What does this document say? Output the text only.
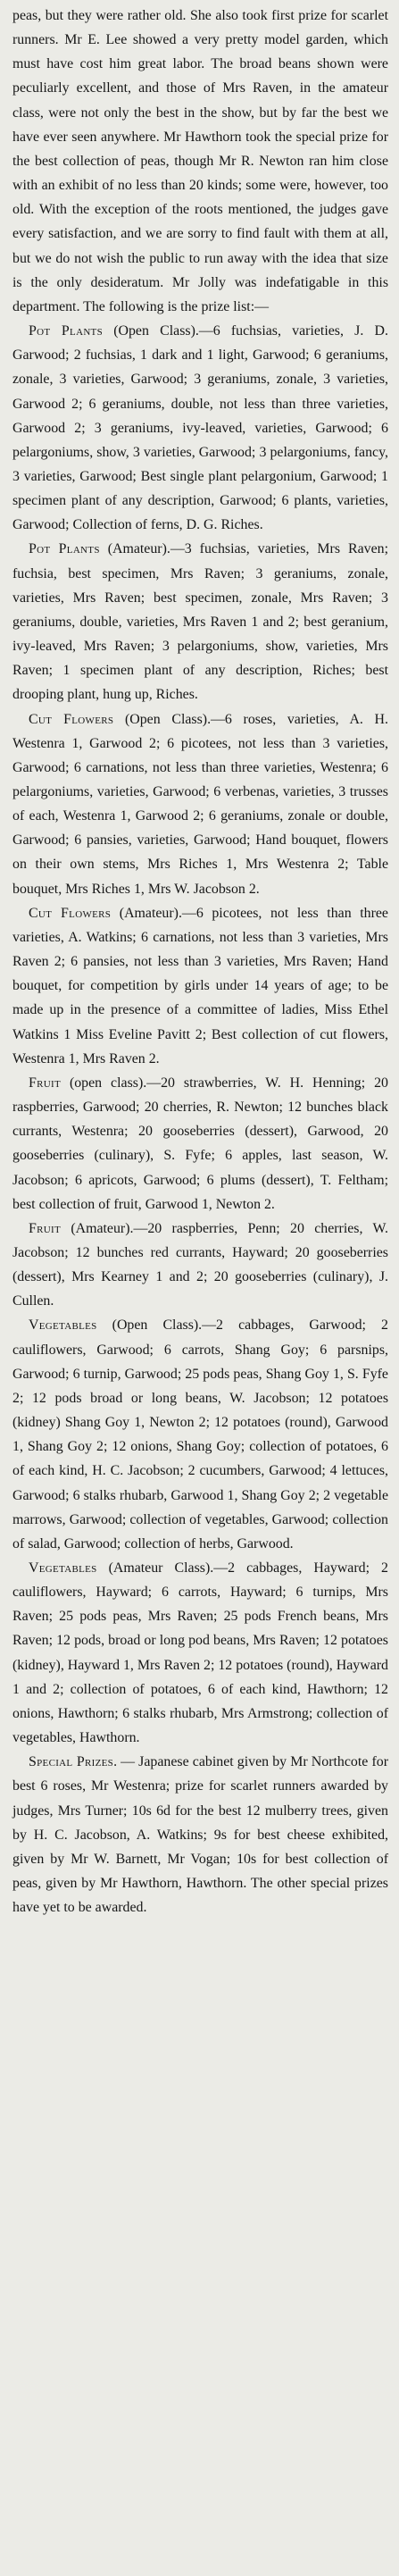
peas, but they were rather old. She also took first prize for scarlet runners. Mr E. Lee showed a very pretty model garden, which must have cost him great labor. The broad beans shown were peculiarly excellent, and those of Mrs Raven, in the amateur class, were not only the best in the show, but by far the best we have ever seen anywhere. Mr Hawthorn took the special prize for the best collection of peas, though Mr R. Newton ran him close with an exhibit of no less than 20 kinds; some were, however, too old. With the exception of the roots mentioned, the judges gave every satisfaction, and we are sorry to find fault with them at all, but we do not wish the public to run away with the idea that size is the only desideratum. Mr Jolly was indefatigable in this department. The following is the prize list:—

Pot Plants (Open Class).—6 fuchsias, varieties, J. D. Garwood; 2 fuchsias, 1 dark and 1 light, Garwood; 6 geraniums, zonale, 3 varieties, Garwood; 3 geraniums, zonale, 3 varieties, Garwood 2; 6 geraniums, double, not less than three varieties, Garwood 2; 3 geraniums, ivy-leaved, varieties, Garwood; 6 pelargoniums, show, 3 varieties, Garwood; 3 pelargoniums, fancy, 3 varieties, Garwood; Best single plant pelargonium, Garwood; 1 specimen plant of any description, Garwood; 6 plants, varieties, Garwood; Collection of ferns, D. G. Riches.

Pot Plants (Amateur).—3 fuchsias, varieties, Mrs Raven; fuchsia, best specimen, Mrs Raven; 3 geraniums, zonale, varieties, Mrs Raven; best specimen, zonale, Mrs Raven; 3 geraniums, double, varieties, Mrs Raven 1 and 2; best geranium, ivy-leaved, Mrs Raven; 3 pelargoniums, show, varieties, Mrs Raven; 1 specimen plant of any description, Riches; best drooping plant, hung up, Riches.

Cut Flowers (Open Class).—6 roses, varieties, A. H. Westenra 1, Garwood 2; 6 picotees, not less than 3 varieties, Garwood; 6 carnations, not less than three varieties, Westenra; 6 pelargoniums, varieties, Garwood; 6 verbenas, varieties, 3 trusses of each, Westenra 1, Garwood 2; 6 geraniums, zonale or double, Garwood; 6 pansies, varieties, Garwood; Hand bouquet, flowers on their own stems, Mrs Riches 1, Mrs Westenra 2; Table bouquet, Mrs Riches 1, Mrs W. Jacobson 2.

Cut Flowers (Amateur).—6 picotees, not less than three varieties, A. Watkins; 6 carnations, not less than 3 varieties, Mrs Raven 2; 6 pansies, not less than 3 varieties, Mrs Raven; Hand bouquet, for competition by girls under 14 years of age; to be made up in the presence of a committee of ladies, Miss Ethel Watkins 1 Miss Eveline Pavitt 2; Best collection of cut flowers, Westenra 1, Mrs Raven 2.

Fruit (open class).—20 strawberries, W. H. Henning; 20 raspberries, Garwood; 20 cherries, R. Newton; 12 bunches black currants, Westenra; 20 gooseberries (dessert), Garwood, 20 gooseberries (culinary), S. Fyfe; 6 apples, last season, W. Jacobson; 6 apricots, Garwood; 6 plums (dessert), T. Feltham; best collection of fruit, Garwood 1, Newton 2.

Fruit (Amateur).—20 raspberries, Penn; 20 cherries, W. Jacobson; 12 bunches red currants, Hayward; 20 gooseberries (dessert), Mrs Kearney 1 and 2; 20 gooseberries (culinary), J. Cullen.

Vegetables (Open Class).—2 cabbages, Garwood; 2 cauliflowers, Garwood; 6 carrots, Shang Goy; 6 parsnips, Garwood; 6 turnip, Garwood; 25 pods peas, Shang Goy 1, S. Fyfe 2; 12 pods broad or long beans, W. Jacobson; 12 potatoes (kidney) Shang Goy 1, Newton 2; 12 potatoes (round), Garwood 1, Shang Goy 2; 12 onions, Shang Goy; collection of potatoes, 6 of each kind, H. C. Jacobson; 2 cucumbers, Garwood; 4 lettuces, Garwood; 6 stalks rhubarb, Garwood 1, Shang Goy 2; 2 vegetable marrows, Garwood; collection of vegetables, Garwood; collection of salad, Garwood; collection of herbs, Garwood.

Vegetables (Amateur Class).—2 cabbages, Hayward; 2 cauliflowers, Hayward; 6 carrots, Hayward; 6 turnips, Mrs Raven; 25 pods peas, Mrs Raven; 25 pods French beans, Mrs Raven; 12 pods, broad or long pod beans, Mrs Raven; 12 potatoes (kidney), Hayward 1, Mrs Raven 2; 12 potatoes (round), Hayward 1 and 2; collection of potatoes, 6 of each kind, Hawthorn; 12 onions, Hawthorn; 6 stalks rhubarb, Mrs Armstrong; collection of vegetables, Hawthorn.

Special Prizes. — Japanese cabinet given by Mr Northcote for best 6 roses, Mr Westenra; prize for scarlet runners awarded by judges, Mrs Turner; 10s 6d for the best 12 mulberry trees, given by H. C. Jacobson, A. Watkins; 9s for best cheese exhibited, given by Mr W. Barnett, Mr Vogan; 10s for best collection of peas, given by Mr Hawthorn, Hawthorn. The other special prizes have yet to be awarded.
